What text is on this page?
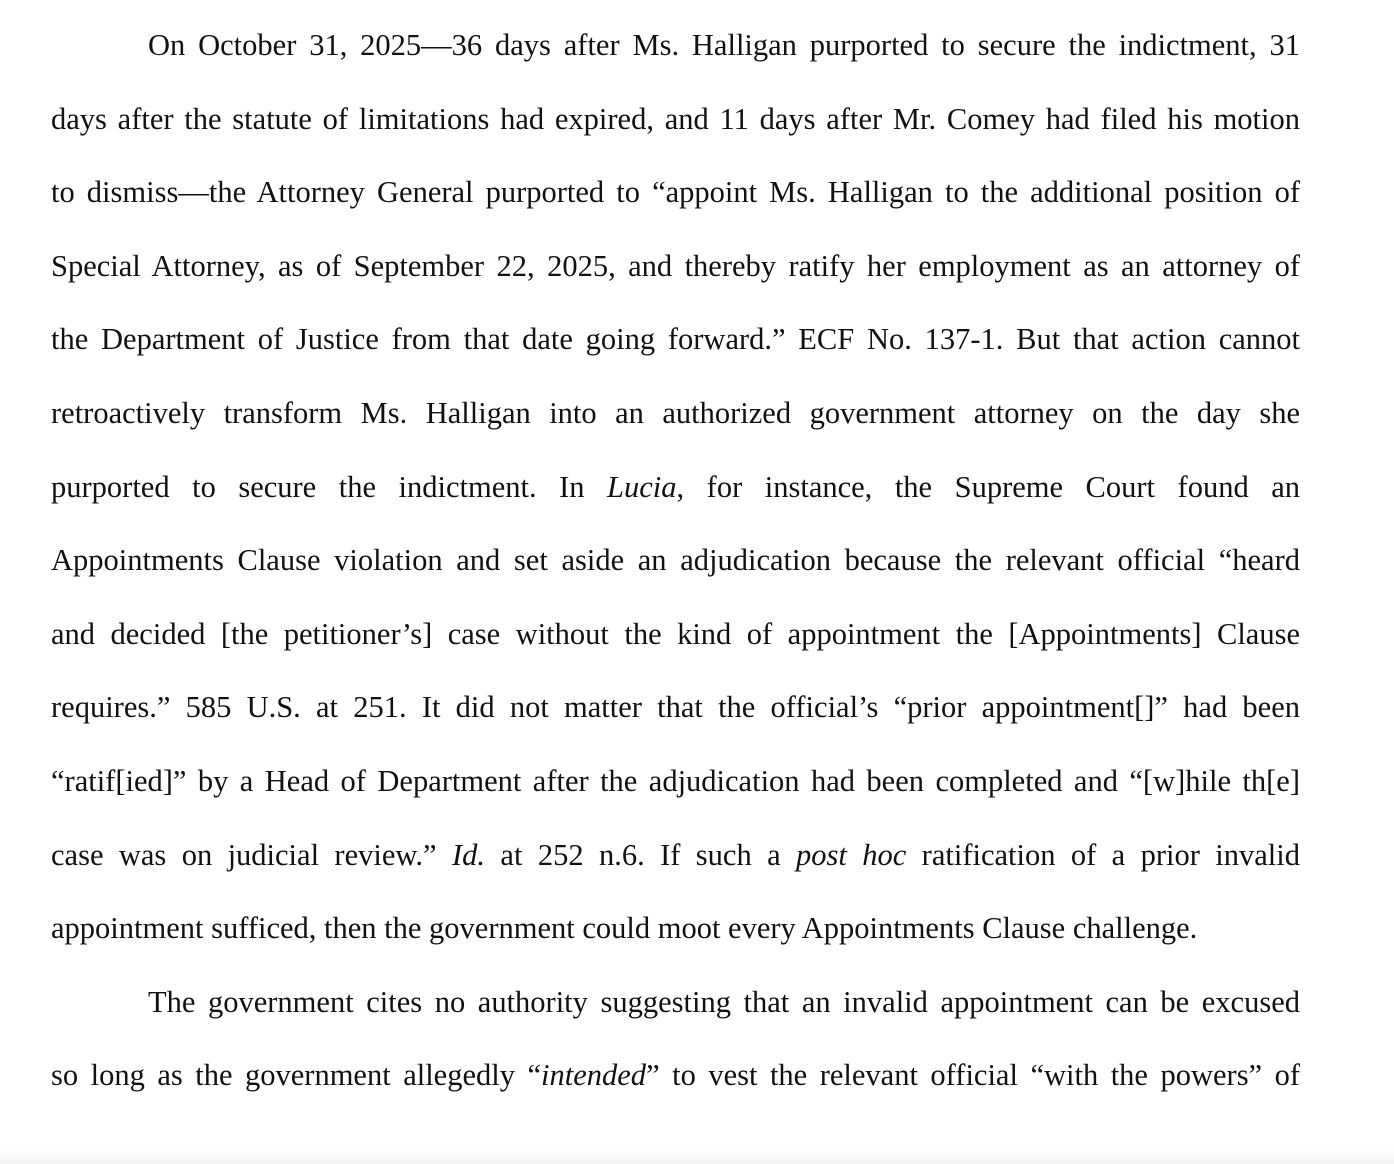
On October 31, 2025—36 days after Ms. Halligan purported to secure the indictment, 31
days after the statute of limitations had expired, and 11 days after Mr. Comey had filed his motion
to dismiss—the Attorney General purported to “appoint Ms. Halligan to the additional position of
Special Attorney, as of September 22, 2025, and thereby ratify her employment as an attorney of
the Department of Justice from that date going forward.” ECF No. 137-1. But that action cannot
retroactively transform Ms. Halligan into an authorized government attorney on the day she
purported to secure the indictment. In Lucia, for instance, the Supreme Court found an
Appointments Clause violation and set aside an adjudication because the relevant official “heard
and decided [the petitioner’s] case without the kind of appointment the [Appointments] Clause
requires.” 585 U.S. at 251. It did not matter that the official’s “prior appointment[]” had been
“ratif[ied]” by a Head of Department after the adjudication had been completed and “[w]hile th[e]
case was on judicial review.” Id. at 252 n.6. If such a post hoc ratification of a prior invalid
appointment sufficed, then the government could moot every Appointments Clause challenge.
The government cites no authority suggesting that an invalid appointment can be excused
so long as the government allegedly “intended” to vest the relevant official “with the powers” of
